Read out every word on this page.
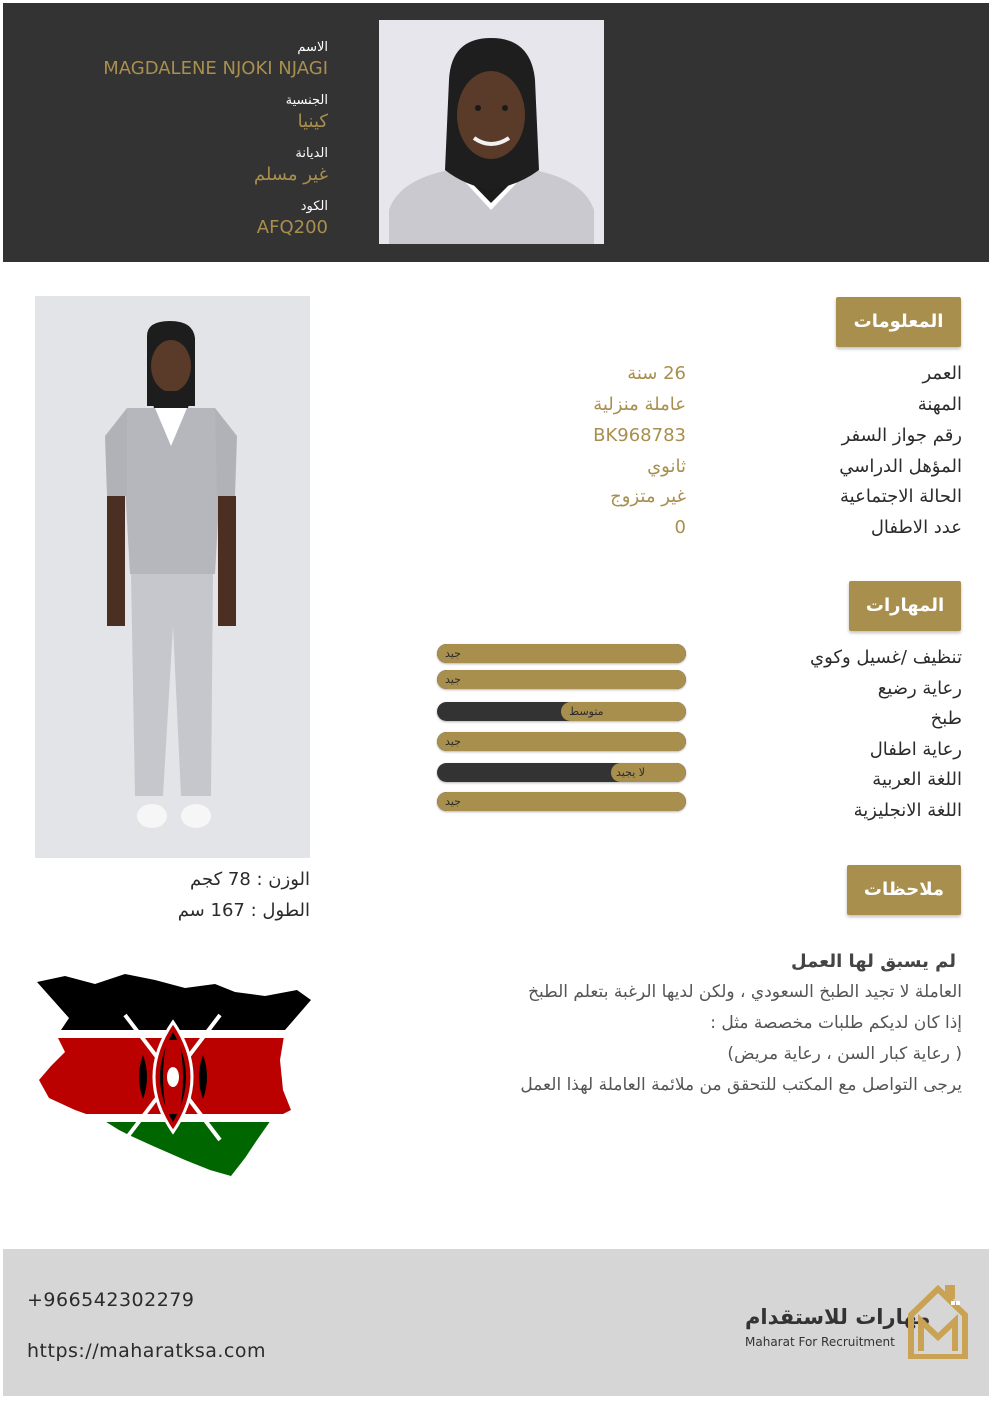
الاسم
MAGDALENE NJOKI NJAGI
الجنسية
كينيا
الديانة
غير مسلم
الكود
AFQ200
الوزن : 78 كجم
الطول : 167 سم
المعلومات
العمر
26 سنة
المهنة
عاملة منزلية
رقم جواز السفر
BK968783
المؤهل الدراسي
ثانوي
الحالة الاجتماعية
غير متزوج
عدد الاطفال
0
المهارات
تنظيف /غسيل وكوي
رعاية رضيع
طبخ
رعاية اطفال
اللغة العربية
اللغة الانجليزية
جيد
جيد
متوسط
جيد
لا يجيد
جيد
ملاحظات
لم يسبق لها العمل
العاملة لا تجيد الطبخ السعودي ، ولكن لديها الرغبة بتعلم الطبخ
إذا كان لديكم طلبات مخصصة مثل :
( رعاية كبار السن ، رعاية مريض)
يرجى التواصل مع المكتب للتحقق من ملائمة العاملة لهذا العمل
+966542302279
https://maharatksa.com
مهارات للاستقدام
Maharat For Recruitment
